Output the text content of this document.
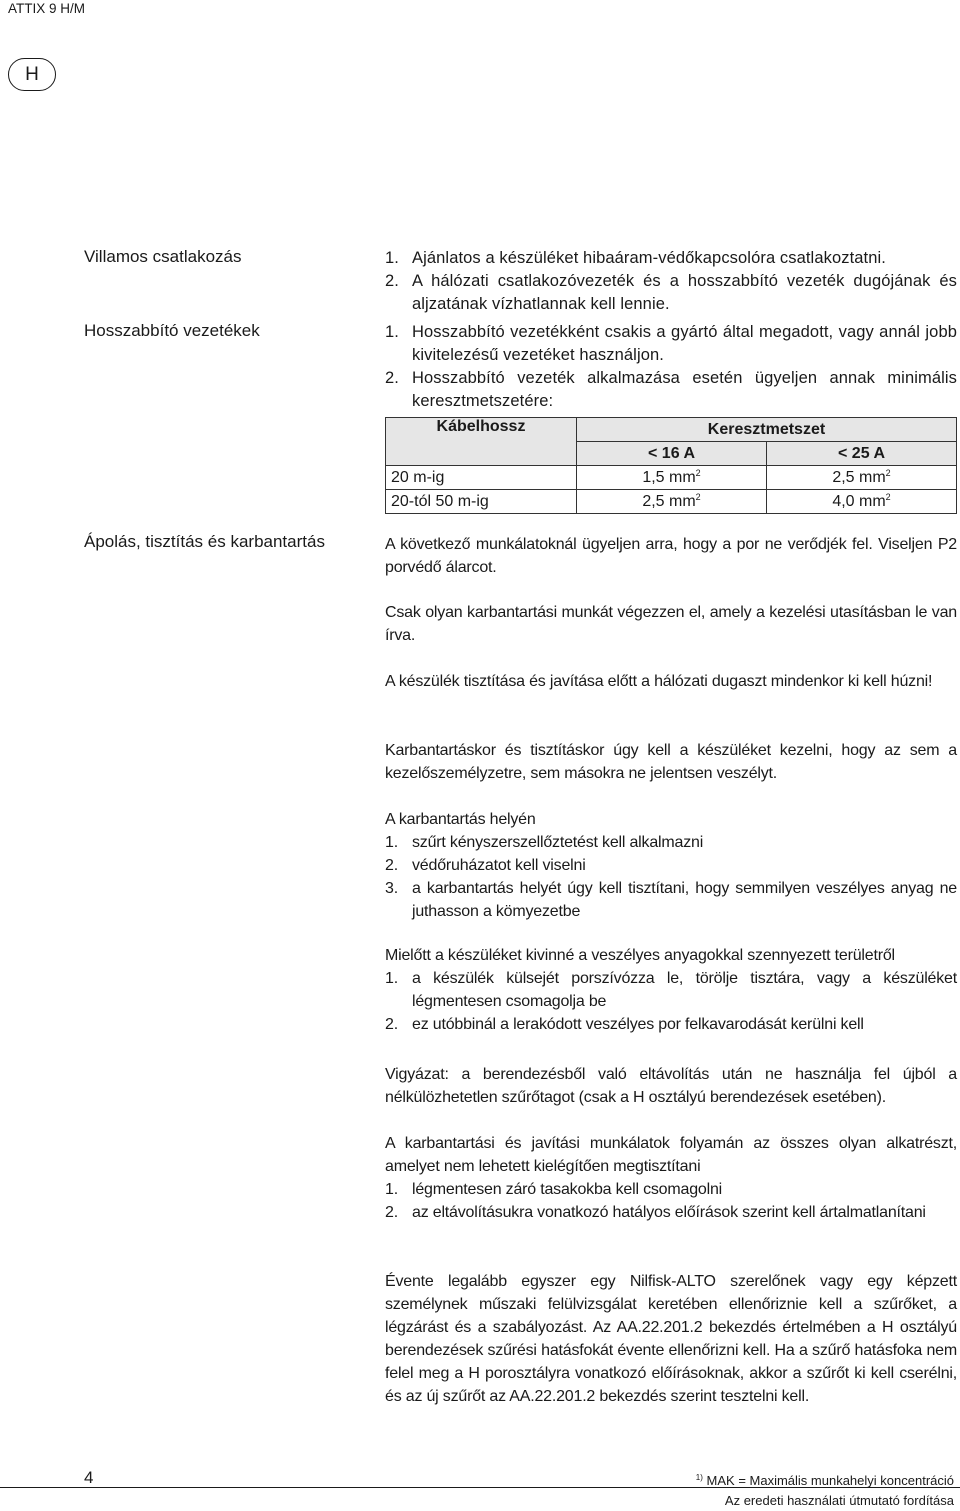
ATTIX 9 H/M
H
Villamos csatlakozás	1. Ajánlatos a készüléket hibaáram-védőkapcsolóra csatlakoztatni.
2. A hálózati csatlakozóvezeték és a hosszabbító vezeték dugójának és aljzatának vízhatlannak kell lennie.
Hosszabbító vezetékek	1. Hosszabbító vezetékként csakis a gyártó által megadott, vagy annál jobb kivitelezésű vezetéket használjon.
2. Hosszabbító vezeték alkalmazása esetén ügyeljen annak minimális keresztmetszetére:
Kábelhossz	Keresztmetszet	
	< 16 A	< 25 A
20 m-ig	1,5 $mm^2$	2,5 $mm^2$
20-tól 50 m-ig	2,5 $mm^2$	4,0 $mm^2$
Ápolás, tisztítás és karbantartás	A következő munkálatoknál ügyeljen arra, hogy a por ne verődjék fel. Viseljen P2 porvédő álarcot.

Csak olyan karbantartási munkát végezzen el, amely a kezelési utasításban le van írva.

A készülék tisztítása és javítása előtt a hálózati dugaszt mindenkor ki kell húzni!

Karbantartáskor és tisztításkor úgy kell a készüléket kezelni, hogy az sem a kezelőszemélyzetre, sem másokra ne jelentsen veszélyt.

A karbantartás helyén

1. szűrt kényszerszellőztetést kell alkalmazni
2. védőruházatot kell viselni
3. a karbantartás helyét úgy kell tisztítani, hogy semmilyen veszélyes anyag ne juthasson a kömyezetbe

Mielőtt a készüléket kivinné a veszélyes anyagokkal szennyezett területről

1. a készülék külsejét porszívózza le, törölje tisztára, vagy a készüléket légmentesen csomagolja be
2. ez utóbbinál a lerakódott veszélyes por felkavarodását kerülni kell

Vigyázat: a berendezésből való eltávolítás után ne használja fel újból a nélkülözhetetlen szűrőtagot (csak a H osztályú berendezések esetében).

A karbantartási és javítási munkálatok folyamán az összes olyan alkatrészt, amelyet nem lehetett kielégítően megtisztítani

1. légmentesen záró tasakokba kell csomagolni
2. az eltávolításukra vonatkozó hatályos előírások szerint kell ártalmatlanítani

Évente legalább egyszer egy Nilfisk-ALTO szerelőnek vagy egy képzett személynek műszaki felülvizsgálat keretében ellenőriznie kell a szűrőket, a légzárást és a szabályozást. Az AA.22.201.2 bekezdés értelmében a H osztályú berendezések szűrési hatásfokát évente ellenőrizni kell. Ha a szűrő hatásfoka nem felel meg a H porosztályra vonatkozó előírásoknak, akkor a szűrőt ki kell cserélni, és az új szűrőt az AA.22.201.2 bekezdés szerint tesztelni kell.

4	$^{1)}$ MAK = Maximális munkahelyi koncentráció
Az eredeti használati útmutató fordítása
